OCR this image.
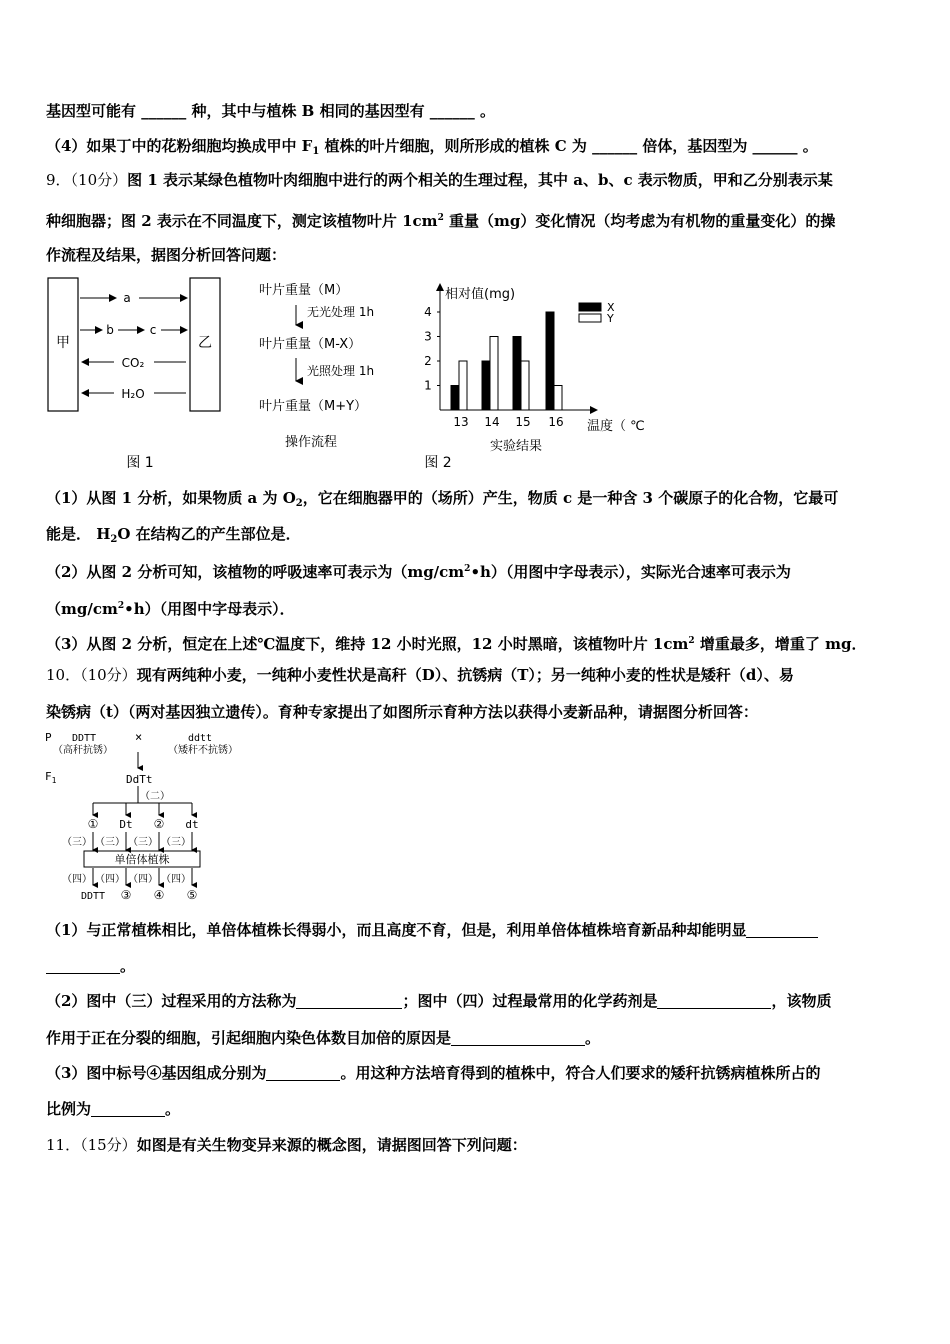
基因型可能有 ______ 种，其中与植株 B 相同的基因型有 ______ 。
（4）如果丁中的花粉细胞均换成甲中 $F_1$ 植株的叶片细胞，则所形成的植株 C 为 ______ 倍体，基因型为 ______ 。
9．（10分）图 1 表示某绿色植物叶肉细胞中进行的两个相关的生理过程，其中 a、b、c 表示物质，甲和乙分别表示某
种细胞器；图 2 表示在不同温度下，测定该植物叶片 $1cm^2$ 重量（mg）变化情况（均考虑为有机物的重量变化）的操
作流程及结果，据图分析回答问题：
甲	乙
a
b	c
CO₂
H₂O
图 1
叶片重量（M）
无光处理 1h
叶片重量（M-X）
光照处理 1h
叶片重量（M+Y）
操作流程
相对值(mg)
温度（ ℃
实验结果
图 2
1
2
3
4
13 14 15 16
X
Y
（1）从图 1 分析，如果物质 a 为 $O_2$，它在细胞器甲的（场所）产生，物质 c 是一种含 3 个碳原子的化合物，它最可
能是． $H_2O$ 在结构乙的产生部位是．
（2）从图 2 分析可知，该植物的呼吸速率可表示为$(mg/cm^2•h)$（用图中字母表示），实际光合速率可表示为
$(mg/cm^2•h)$（用图中字母表示）．
（3）从图 2 分析，恒定在上述℃温度下，维持 12 小时光照，12 小时黑暗，该植物叶片 $1cm^2$ 增重最多，增重了 mg．
10．（10分）现有两纯种小麦，一纯种小麦性状是高秆（D）、抗锈病（T）；另一纯种小麦的性状是矮秆（d）、易
染锈病（t）（两对基因独立遗传）。育种专家提出了如图所示育种方法以获得小麦新品种，请据图分析回答：
P DDTT	×	ddtt
（高秆抗锈）	（矮秆不抗锈）
$F_1$	DdTt
（二）
① Dt ② dt
（三） （三） （三） （三）
单倍体植株
（四） （四） （四） （四）
DDTT ③ ④ ⑤
（1）与正常植株相比，单倍体植株长得弱小，而且高度不育，但是，利用单倍体植株培育新品种却能明显
。
（2）图中（三）过程采用的方法称为	；图中（四）过程最常用的化学药剂是	，该物质
作用于正在分裂的细胞，引起细胞内染色体数目加倍的原因是	。
（3）图中标号④基因组成分别为	。用这种方法培育得到的植株中，符合人们要求的矮秆抗锈病植株所占的
比例为	。
11．（15分）如图是有关生物变异来源的概念图，请据图回答下列问题：
